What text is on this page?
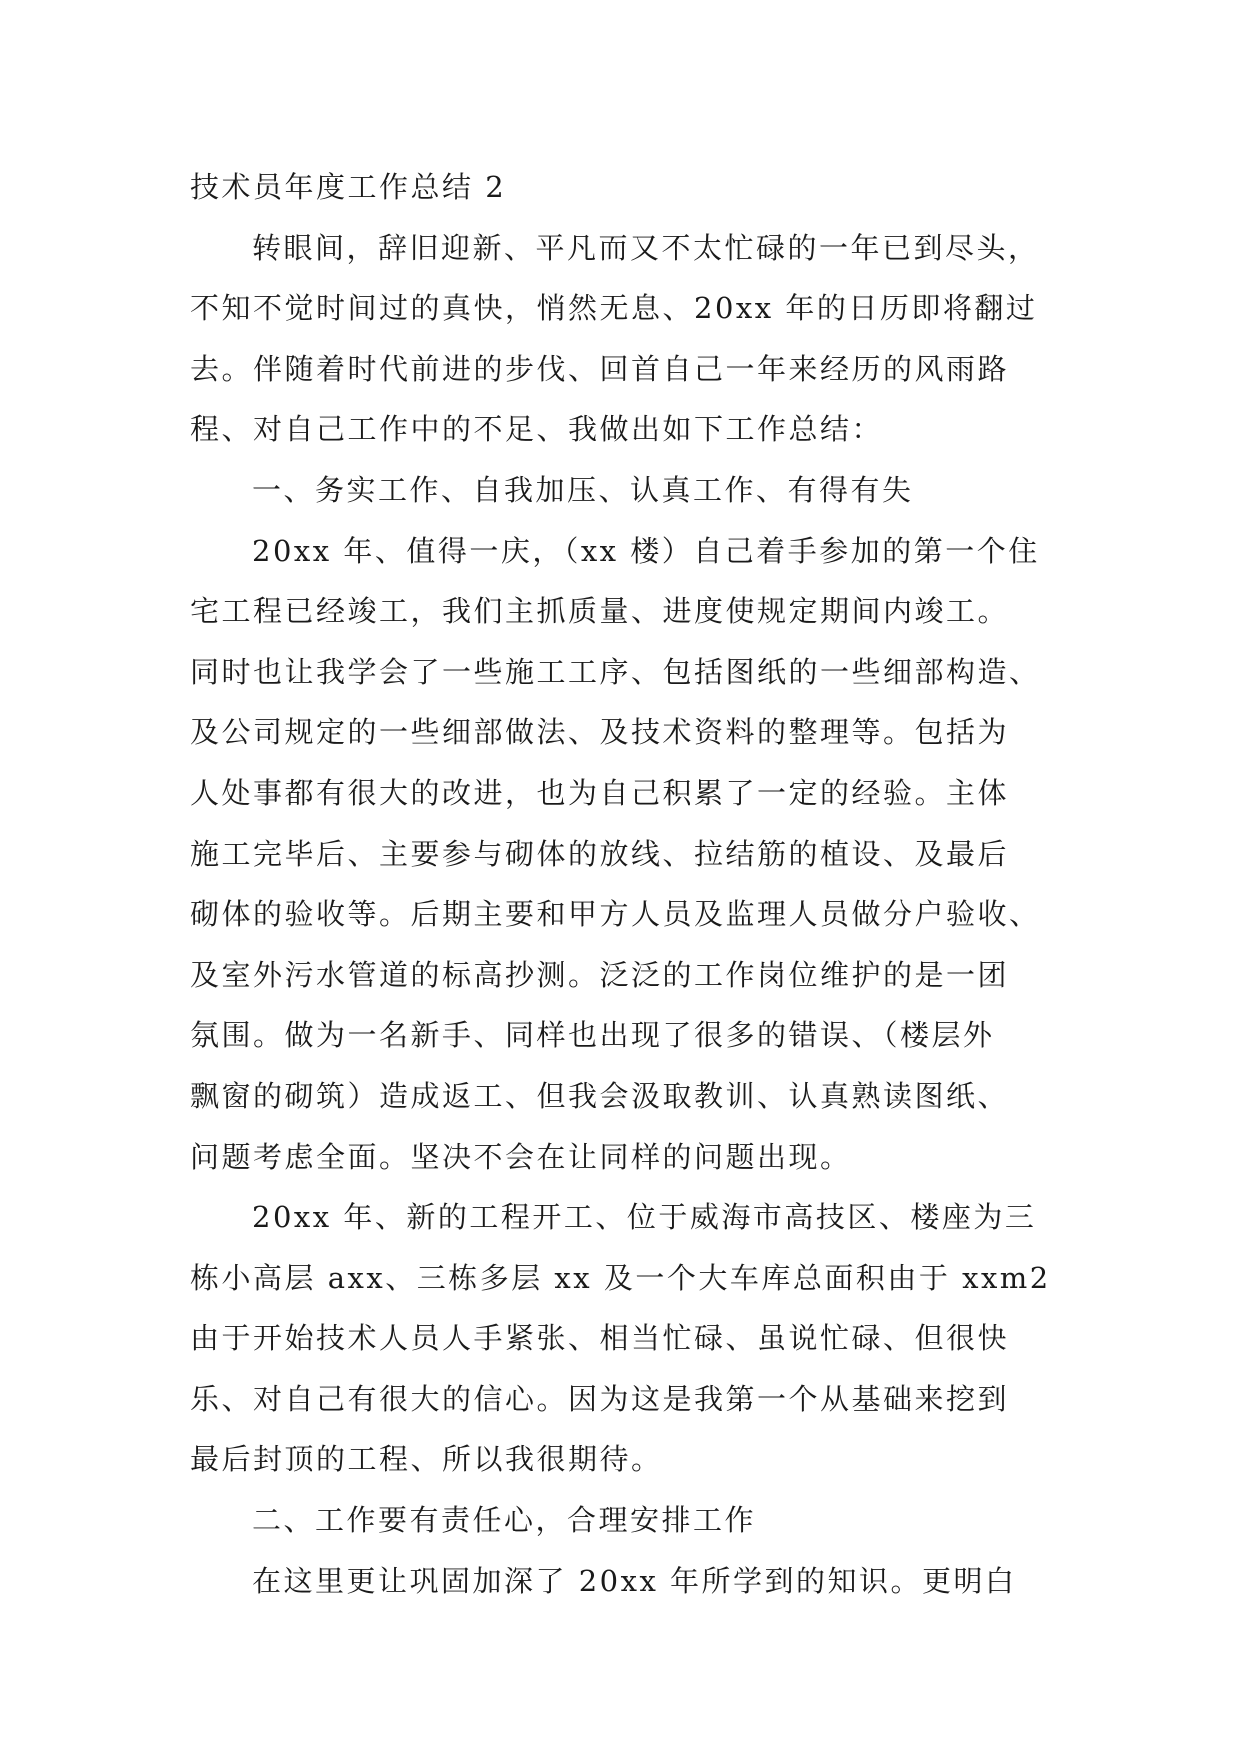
技术员年度工作总结 2
转眼间，辞旧迎新、平凡而又不太忙碌的一年已到尽头，
不知不觉时间过的真快，悄然无息、20xx 年的日历即将翻过
去。伴随着时代前进的步伐、回首自己一年来经历的风雨路
程、对自己工作中的不足、我做出如下工作总结：
一、务实工作、自我加压、认真工作、有得有失
20xx 年、值得一庆，（xx 楼）自己着手参加的第一个住
宅工程已经竣工，我们主抓质量、进度使规定期间内竣工。
同时也让我学会了一些施工工序、包括图纸的一些细部构造、
及公司规定的一些细部做法、及技术资料的整理等。包括为
人处事都有很大的改进，也为自己积累了一定的经验。主体
施工完毕后、主要参与砌体的放线、拉结筋的植设、及最后
砌体的验收等。后期主要和甲方人员及监理人员做分户验收、
及室外污水管道的标高抄测。泛泛的工作岗位维护的是一团
氛围。做为一名新手、同样也出现了很多的错误、（楼层外
飘窗的砌筑）造成返工、但我会汲取教训、认真熟读图纸、
问题考虑全面。坚决不会在让同样的问题出现。
20xx 年、新的工程开工、位于威海市高技区、楼座为三
栋小高层 axx、三栋多层 xx 及一个大车库总面积由于 xxm2
由于开始技术人员人手紧张、相当忙碌、虽说忙碌、但很快
乐、对自己有很大的信心。因为这是我第一个从基础来挖到
最后封顶的工程、所以我很期待。
二、工作要有责任心，合理安排工作
在这里更让巩固加深了 20xx 年所学到的知识。更明白
